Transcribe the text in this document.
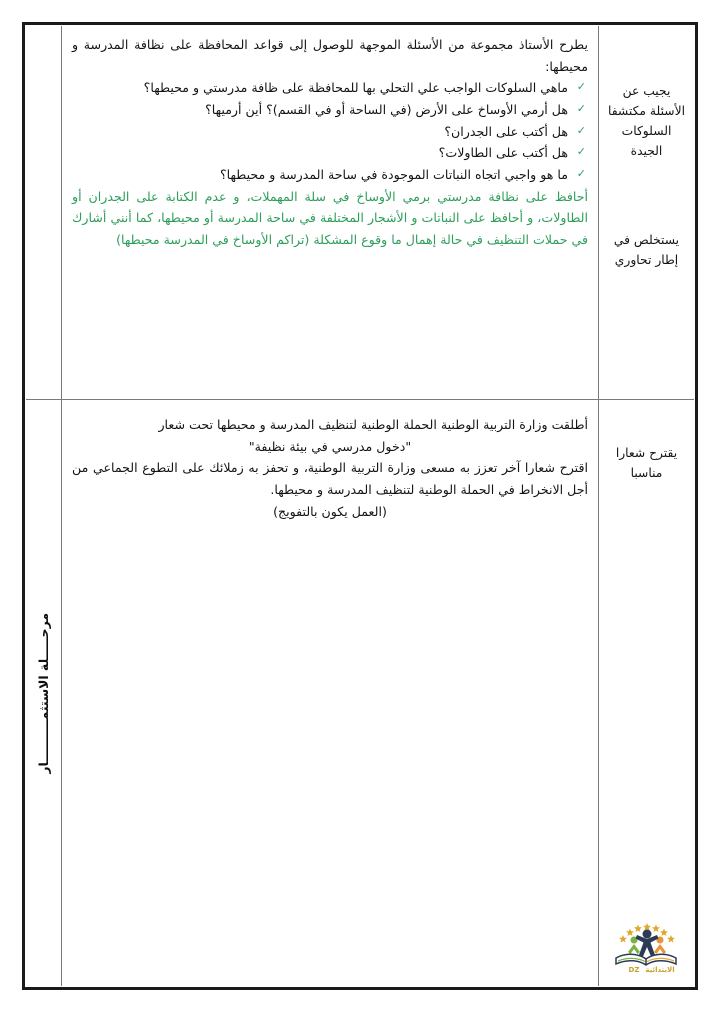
يجيب عن
الأسئلة مكتشفا
السلوكات
الجيدة
يستخلص في
إطار تحاوري

يطرح الأستاذ مجموعة من الأسئلة الموجهة للوصول إلى قواعد المحافظة على نظافة المدرسة و محيطها:

✓
ماهي السلوكات الواجب علي التحلي بها للمحافظة على ظافة مدرستي و محيطها؟
✓
هل أرمي الأوساخ على الأرض (في الساحة أو في القسم)؟ أين أرميها؟
✓
هل أكتب على الجدران؟
✓
هل أكتب على الطاولات؟
✓
ما هو واجبي اتجاه النباتات الموجودة في ساحة المدرسة و محيطها؟

أحافظ على نظافة مدرستي برمي الأوساخ في سلة المهملات، و عدم الكتابة على الجدران أو الطاولات، و أحافظ على النباتات و الأشجار المختلفة في ساحة المدرسة أو محيطها، كما أنني أشارك في حملات التنظيف في حالة إهمال ما وقوع المشكلة (تراكم الأوساخ في المدرسة محيطها)

يقترح شعارا
مناسبا
الابتدائية
DZ

أطلقت وزارة التربية الوطنية الحملة الوطنية لتنظيف المدرسة و محيطها تحت شعار

"دخول مدرسي في بيئة نظيفة"

اقترح شعارا آخر تعزز به مسعى وزارة التربية الوطنية، و تحفز به زملائك على التطوع الجماعي من أجل الانخراط في الحملة الوطنية لتنظيف المدرسة و محيطها.

(العمل يكون بالتفويج)

مرحـــــلة الاستثمــــــــــار
